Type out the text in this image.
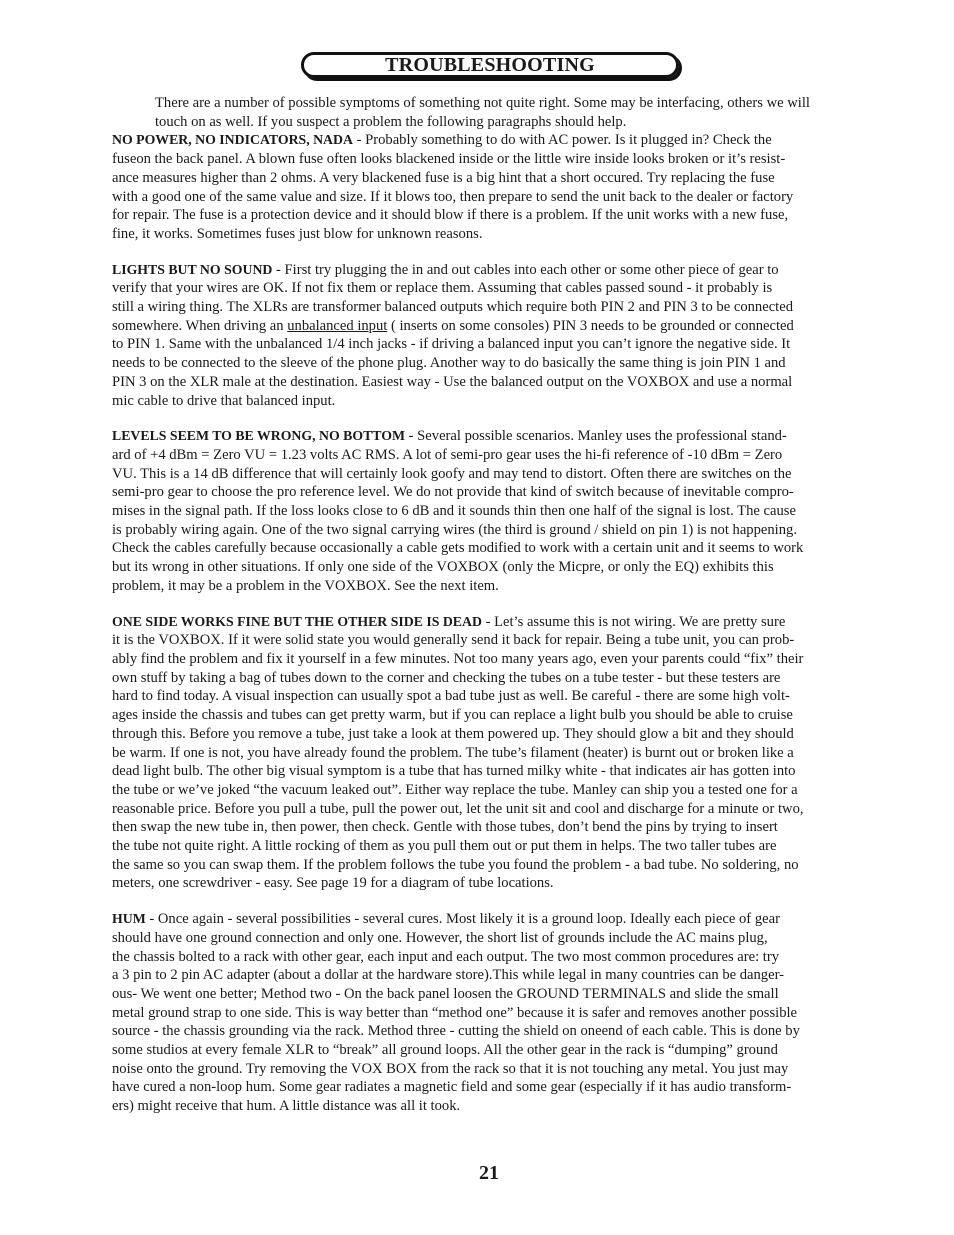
TROUBLESHOOTING

There are a number of possible symptoms of something not quite right. Some may be interfacing, others we will
touch on as well. If you suspect a problem the following paragraphs should help.

NO POWER, NO INDICATORS, NADA - Probably something to do with AC power. Is it plugged in? Check the
fuseon the back panel. A blown fuse often looks blackened inside or the little wire inside looks broken or it’s resist-
ance measures higher than 2 ohms. A very blackened fuse is a big hint that a short occured. Try replacing the fuse
with a good one of the same value and size. If it blows too, then prepare to send the unit back to the dealer or factory
for repair. The fuse is a protection device and it should blow if there is a problem. If the unit works with a new fuse,
fine, it works. Sometimes fuses just blow for unknown reasons.

LIGHTS BUT NO SOUND - First try plugging the in and out cables into each other or some other piece of gear to
verify that your wires are OK. If not fix them or replace them. Assuming that cables passed sound - it probably is
still a wiring thing. The XLRs are transformer balanced outputs which require both PIN 2 and PIN 3 to be connected
somewhere. When driving an unbalanced input ( inserts on some consoles) PIN 3 needs to be grounded or connected
to PIN 1. Same with the unbalanced 1/4 inch jacks - if driving a balanced input you can’t ignore the negative side. It
needs to be connected to the sleeve of the phone plug. Another way to do basically the same thing is join PIN 1 and
PIN 3 on the XLR male at the destination. Easiest way - Use the balanced output on the VOXBOX and use a normal
mic cable to drive that balanced input.

LEVELS SEEM TO BE WRONG, NO BOTTOM - Several possible scenarios. Manley uses the professional stand-
ard of +4 dBm = Zero VU = 1.23 volts AC RMS. A lot of semi-pro gear uses the hi-fi reference of -10 dBm = Zero
VU. This is a 14 dB difference that will certainly look goofy and may tend to distort. Often there are switches on the
semi-pro gear to choose the pro reference level. We do not provide that kind of switch because of inevitable compro-
mises in the signal path. If the loss looks close to 6 dB and it sounds thin then one half of the signal is lost. The cause
is probably wiring again. One of the two signal carrying wires (the third is ground / shield on pin 1) is not happening.
Check the cables carefully because occasionally a cable gets modified to work with a certain unit and it seems to work
but its wrong in other situations. If only one side of the VOXBOX (only the Micpre, or only the EQ) exhibits this
problem, it may be a problem in the VOXBOX. See the next item.

ONE SIDE WORKS FINE BUT THE OTHER SIDE IS DEAD - Let’s assume this is not wiring. We are pretty sure
it is the VOXBOX. If it were solid state you would generally send it back for repair. Being a tube unit, you can prob-
ably find the problem and fix it yourself in a few minutes. Not too many years ago, even your parents could “fix” their
own stuff by taking a bag of tubes down to the corner and checking the tubes on a tube tester - but these testers are
hard to find today. A visual inspection can usually spot a bad tube just as well. Be careful - there are some high volt-
ages inside the chassis and tubes can get pretty warm, but if you can replace a light bulb you should be able to cruise
through this. Before you remove a tube, just take a look at them powered up. They should glow a bit and they should
be warm. If one is not, you have already found the problem. The tube’s filament (heater) is burnt out or broken like a
dead light bulb. The other big visual symptom is a tube that has turned milky white - that indicates air has gotten into
the tube or we’ve joked “the vacuum leaked out”. Either way replace the tube. Manley can ship you a tested one for a
reasonable price. Before you pull a tube, pull the power out, let the unit sit and cool and discharge for a minute or two,
then swap the new tube in, then power, then check. Gentle with those tubes, don’t bend the pins by trying to insert
the tube not quite right. A little rocking of them as you pull them out or put them in helps. The two taller tubes are
the same so you can swap them. If the problem follows the tube you found the problem - a bad tube. No soldering, no
meters, one screwdriver - easy. See page 19 for a diagram of tube locations.

HUM - Once again - several possibilities - several cures. Most likely it is a ground loop. Ideally each piece of gear
should have one ground connection and only one. However, the short list of grounds include the AC mains plug,
the chassis bolted to a rack with other gear, each input and each output. The two most common procedures are: try
a 3 pin to 2 pin AC adapter (about a dollar at the hardware store).This while legal in many countries can be danger-
ous- We went one better; Method two - On the back panel loosen the GROUND TERMINALS and slide the small
metal ground strap to one side. This is way better than “method one” because it is safer and removes another possible
source - the chassis grounding via the rack. Method three - cutting the shield on oneend of each cable. This is done by
some studios at every female XLR to “break” all ground loops. All the other gear in the rack is “dumping” ground
noise onto the ground. Try removing the VOX BOX from the rack so that it is not touching any metal. You just may
have cured a non-loop hum. Some gear radiates a magnetic field and some gear (especially if it has audio transform-
ers) might receive that hum. A little distance was all it took.

21
